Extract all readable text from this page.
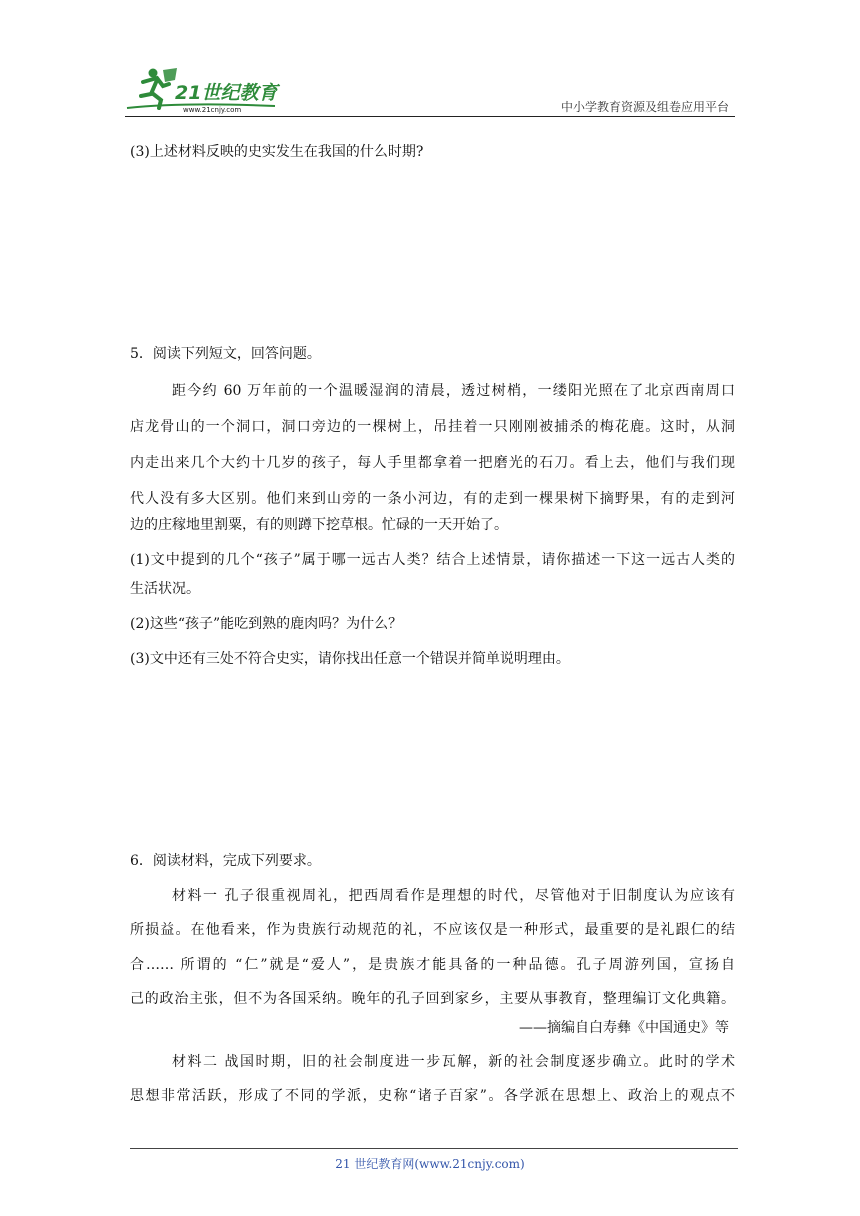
21世纪教育
www.21cnjy.com	中小学教育资源及组卷应用平台
(3)上述材料反映的史实发生在我国的什么时期?
5．阅读下列短文，回答问题。
距今约 60 万年前的一个温暖湿润的清晨，透过树梢，一缕阳光照在了北京西南周口
店龙骨山的一个洞口，洞口旁边的一棵树上，吊挂着一只刚刚被捕杀的梅花鹿。这时，从洞
内走出来几个大约十几岁的孩子，每人手里都拿着一把磨光的石刀。看上去，他们与我们现
代人没有多大区别。他们来到山旁的一条小河边，有的走到一棵果树下摘野果，有的走到河
边的庄稼地里割粟，有的则蹲下挖草根。忙碌的一天开始了。
(1)文中提到的几个“孩子”属于哪一远古人类？结合上述情景，请你描述一下这一远古人类的
生活状况。
(2)这些“孩子”能吃到熟的鹿肉吗？为什么？
(3)文中还有三处不符合史实，请你找出任意一个错误并简单说明理由。
6．阅读材料，完成下列要求。
材料一 孔子很重视周礼，把西周看作是理想的时代，尽管他对于旧制度认为应该有
所损益。在他看来，作为贵族行动规范的礼，不应该仅是一种形式，最重要的是礼跟仁的结
合…… 所谓的 “仁”就是“爱人”，是贵族才能具备的一种品德。孔子周游列国，宣扬自
己的政治主张，但不为各国采纳。晚年的孔子回到家乡，主要从事教育，整理编订文化典籍。
——摘编自白寿彝《中国通史》等
材料二 战国时期，旧的社会制度进一步瓦解，新的社会制度逐步确立。此时的学术
思想非常活跃，形成了不同的学派，史称“诸子百家”。各学派在思想上、政治上的观点不
21 世纪教育网(www.21cnjy.com)
